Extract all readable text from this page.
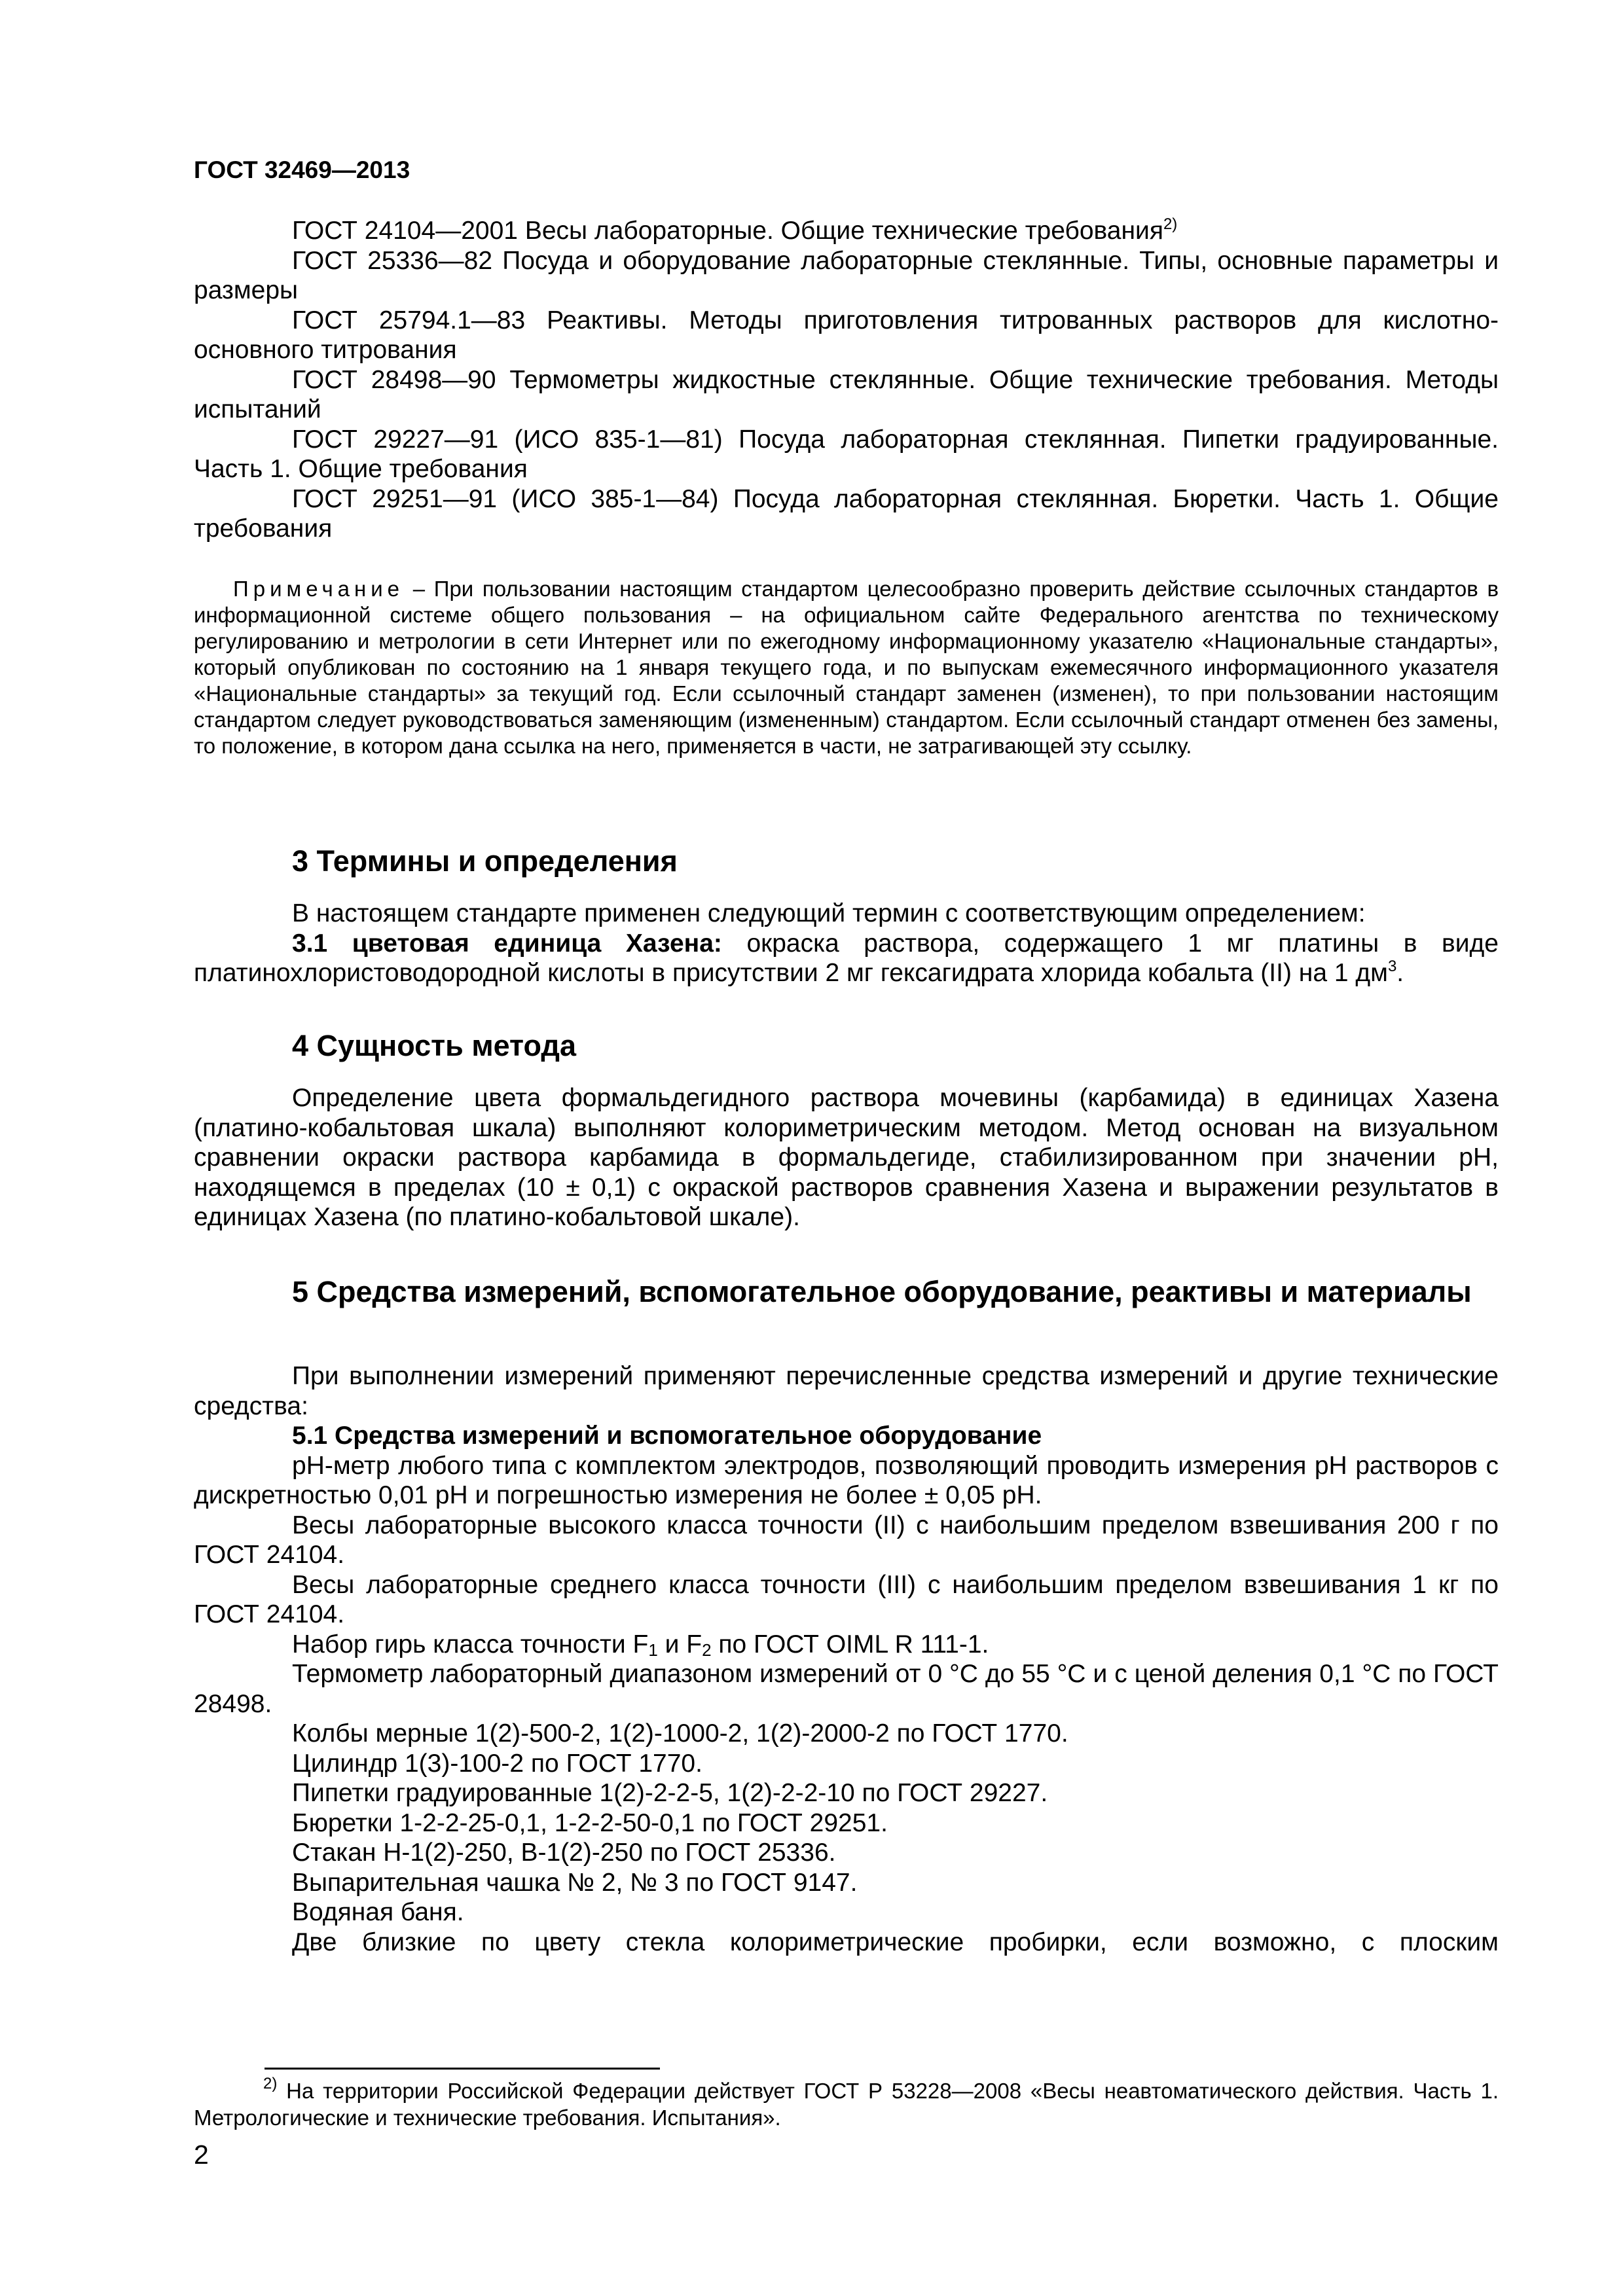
ГОСТ 32469—2013

ГОСТ 24104—2001 Весы лабораторные. Общие технические требования$^{2)}$

ГОСТ 25336—82 Посуда и оборудование лабораторные стеклянные. Типы, основные параметры и размеры

ГОСТ 25794.1—83 Реактивы. Методы приготовления титрованных растворов для кислотно-основного титрования

ГОСТ 28498—90 Термометры жидкостные стеклянные. Общие технические требования. Методы испытаний

ГОСТ 29227—91 (ИСО 835-1—81) Посуда лабораторная стеклянная. Пипетки градуированные. Часть 1. Общие требования

ГОСТ 29251—91 (ИСО 385-1—84) Посуда лабораторная стеклянная. Бюретки. Часть 1. Общие требования

Примечание – При пользовании настоящим стандартом целесообразно проверить действие ссылочных стандартов в информационной системе общего пользования – на официальном сайте Федерального агентства по техническому регулированию и метрологии в сети Интернет или по ежегодному информационному указателю «Национальные стандарты», который опубликован по состоянию на 1 января текущего года, и по выпускам ежемесячного информационного указателя «Национальные стандарты» за текущий год. Если ссылочный стандарт заменен (изменен), то при пользовании настоящим стандартом следует руководствоваться заменяющим (измененным) стандартом. Если ссылочный стандарт отменен без замены, то положение, в котором дана ссылка на него, применяется в части, не затрагивающей эту ссылку.

3 Термины и определения

В настоящем стандарте применен следующий термин с соответствующим определением:

3.1 цветовая единица Хазена: окраска раствора, содержащего 1 мг платины в виде платинохлористоводородной кислоты в присутствии 2 мг гексагидрата хлорида кобальта (II) на 1 $дм^3$.

4 Сущность метода

Определение цвета формальдегидного раствора мочевины (карбамида) в единицах Хазена (платино-кобальтовая шкала) выполняют колориметрическим методом. Метод основан на визуальном сравнении окраски раствора карбамида в формальдегиде, стабилизированном при значении рН, находящемся в пределах (10 ± 0,1) с окраской растворов сравнения Хазена и выражении результатов в единицах Хазена (по платино-кобальтовой шкале).

5 Средства измерений, вспомогательное оборудование, реактивы и материалы

При выполнении измерений применяют перечисленные средства измерений и другие технические средства:

5.1 Средства измерений и вспомогательное оборудование

рН-метр любого типа с комплектом электродов, позволяющий проводить измерения рН растворов с дискретностью 0,01 рН и погрешностью измерения не более ± 0,05 рН.

Весы лабораторные высокого класса точности (II) с наибольшим пределом взвешивания 200 г по ГОСТ 24104.

Весы лабораторные среднего класса точности (III) с наибольшим пределом взвешивания 1 кг по ГОСТ 24104.

Набор гирь класса точности $F_1$ и $F_2$ по ГОСТ OIML R 111-1.

Термометр лабораторный диапазоном измерений от 0 °С до 55 °С и с ценой деления 0,1 °С по ГОСТ 28498.

Колбы мерные 1(2)-500-2, 1(2)-1000-2, 1(2)-2000-2 по ГОСТ 1770.

Цилиндр 1(3)-100-2 по ГОСТ 1770.

Пипетки градуированные 1(2)-2-2-5, 1(2)-2-2-10 по ГОСТ 29227.

Бюретки 1-2-2-25-0,1, 1-2-2-50-0,1 по ГОСТ 29251.

Стакан Н-1(2)-250, В-1(2)-250 по ГОСТ 25336.

Выпарительная чашка № 2, № 3 по ГОСТ 9147.

Водяная баня.

Две близкие по цвету стекла колориметрические пробирки, если возможно, с плоским

$^{2)}$ На территории Российской Федерации действует ГОСТ Р 53228—2008 «Весы неавтоматического действия. Часть 1. Метрологические и технические требования. Испытания».

2
